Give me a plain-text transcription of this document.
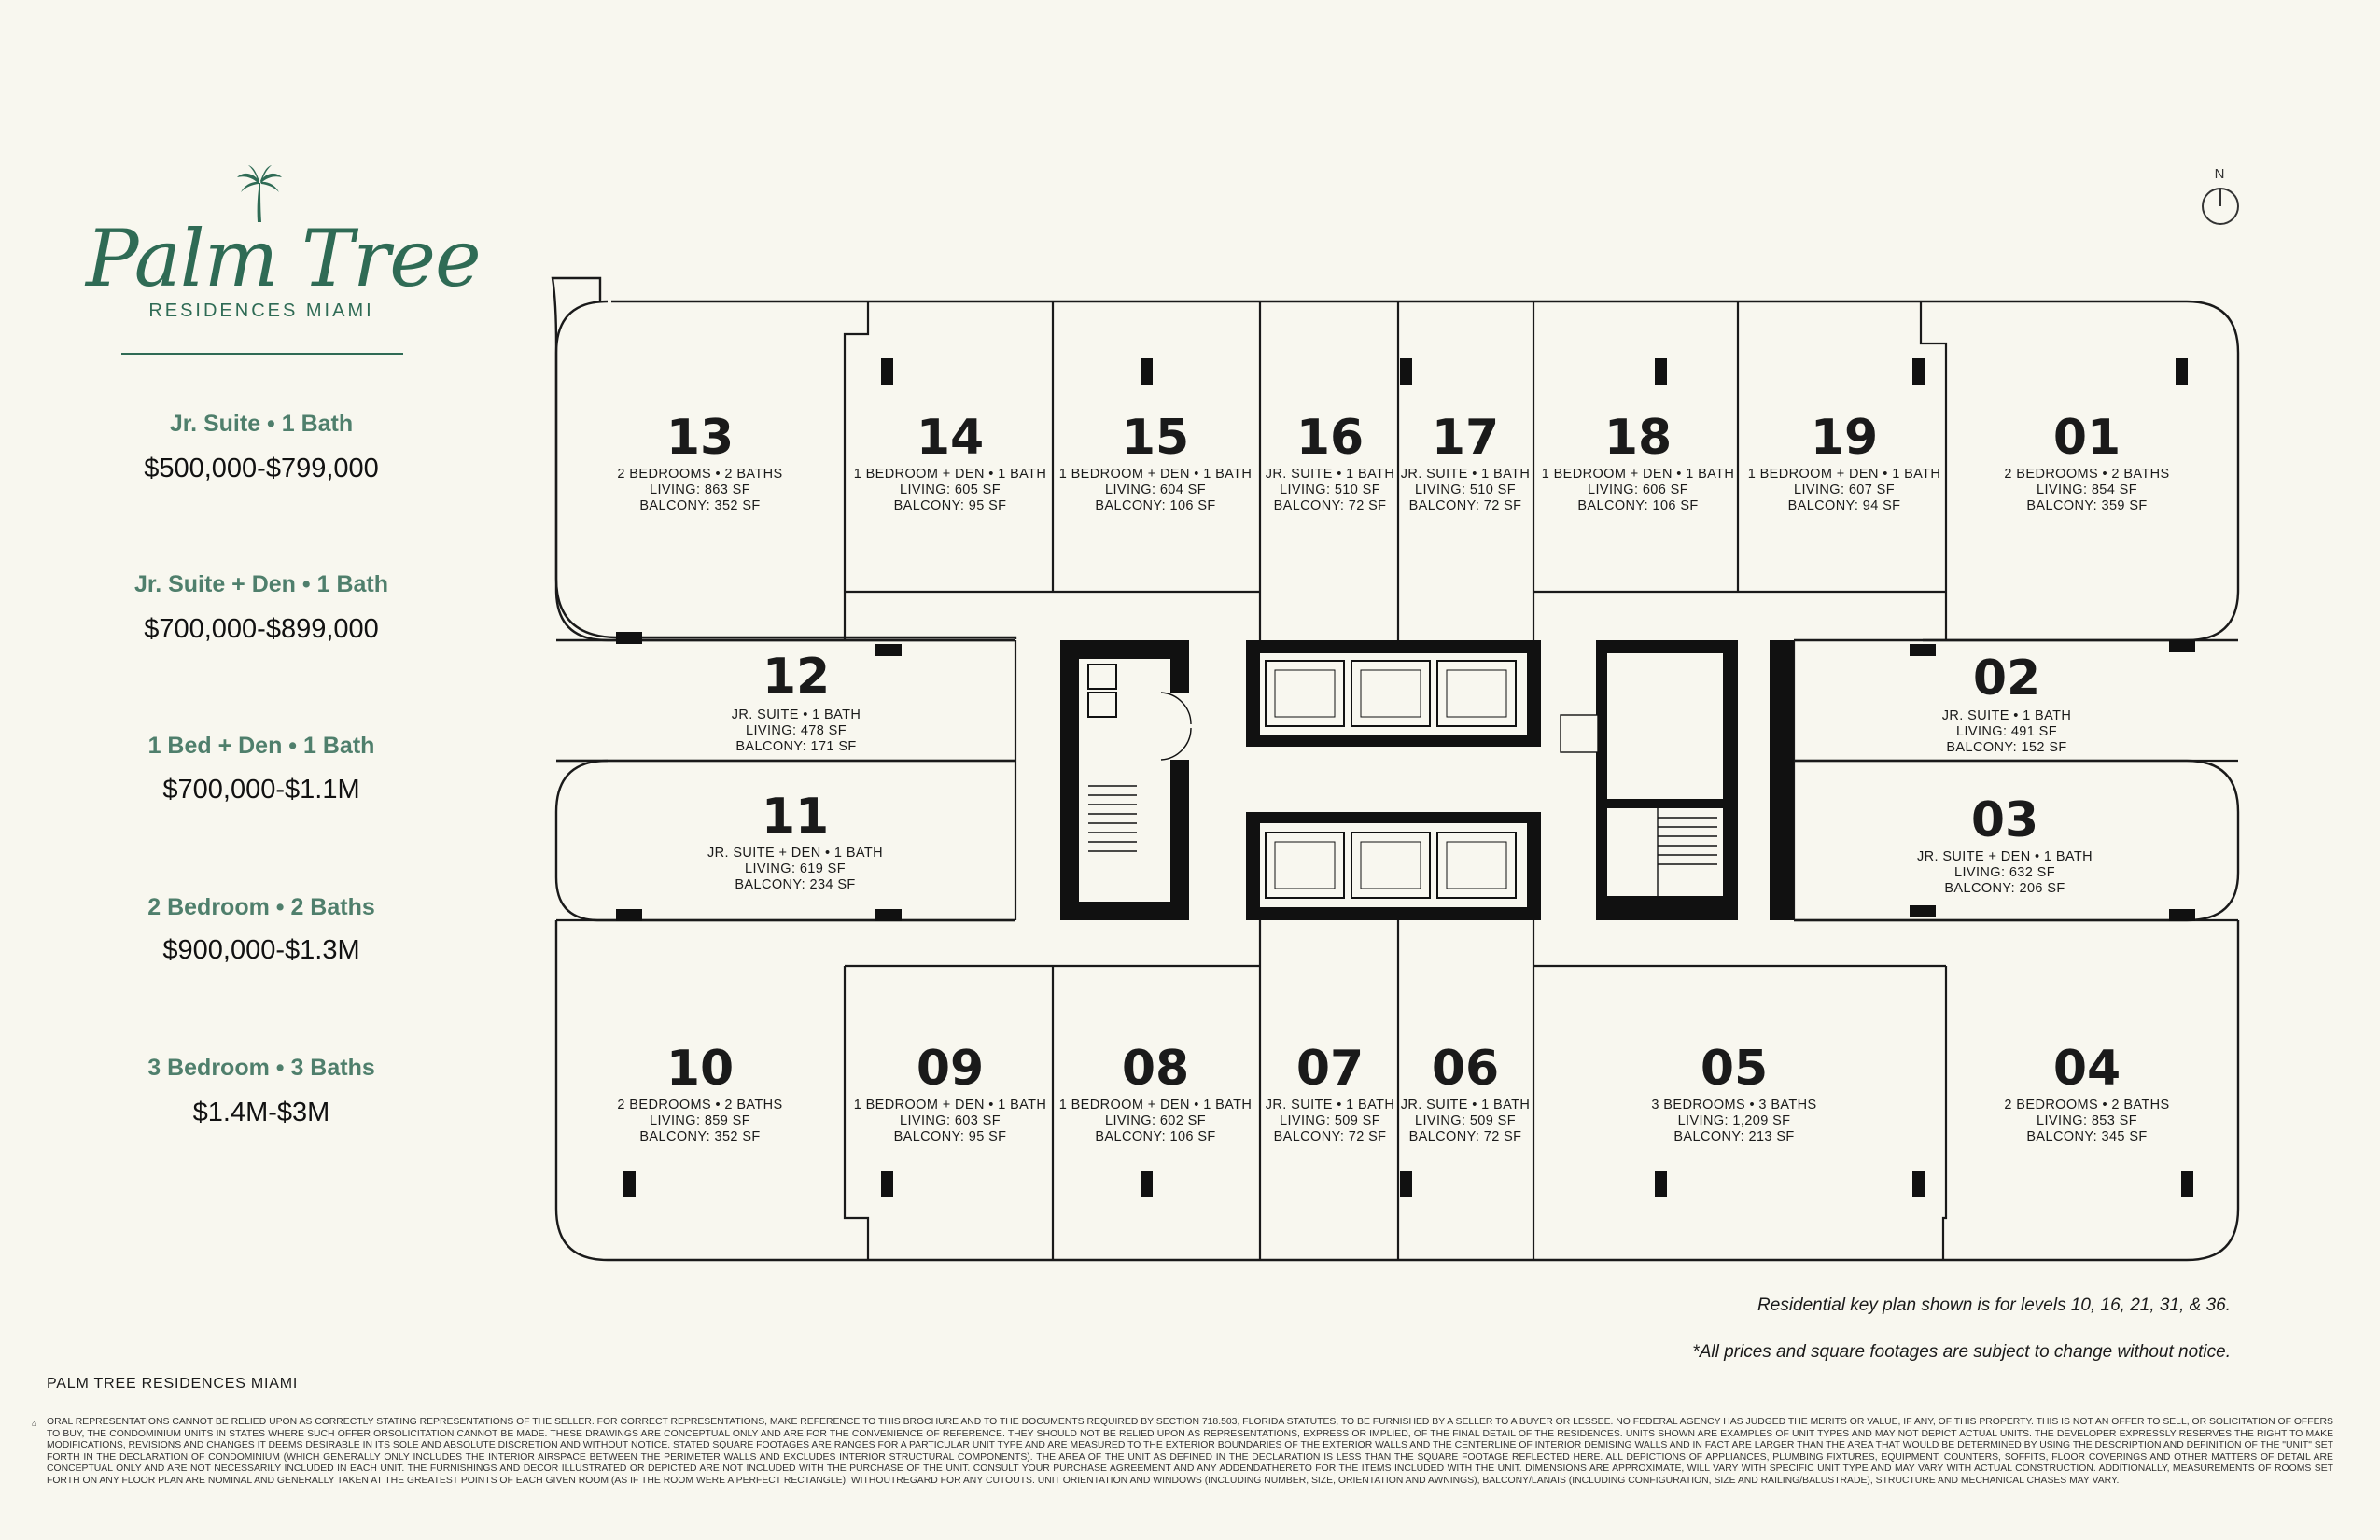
Palm Tree
RESIDENCES MIAMI
Jr. Suite • 1 Bath
$500,000-$799,000
Jr. Suite + Den • 1 Bath
$700,000-$899,000
1 Bed + Den • 1 Bath
$700,000-$1.1M
2 Bedroom • 2 Baths
$900,000-$1.3M
3 Bedroom • 3 Baths
$1.4M-$3M
N
13
2 BEDROOMS • 2 BATHS
LIVING: 863 SF
BALCONY: 352 SF
14
1 BEDROOM + DEN • 1 BATH
LIVING: 605 SF
BALCONY: 95 SF
15
1 BEDROOM + DEN • 1 BATH
LIVING: 604 SF
BALCONY: 106 SF
16
JR. SUITE • 1 BATH
LIVING: 510 SF
BALCONY: 72 SF
17
JR. SUITE • 1 BATH
LIVING: 510 SF
BALCONY: 72 SF
18
1 BEDROOM + DEN • 1 BATH
LIVING: 606 SF
BALCONY: 106 SF
19
1 BEDROOM + DEN • 1 BATH
LIVING: 607 SF
BALCONY: 94 SF
01
2 BEDROOMS • 2 BATHS
LIVING: 854 SF
BALCONY: 359 SF
12
JR. SUITE • 1 BATH
LIVING: 478 SF
BALCONY: 171 SF
02
JR. SUITE • 1 BATH
LIVING: 491 SF
BALCONY: 152 SF
11
JR. SUITE + DEN • 1 BATH
LIVING: 619 SF
BALCONY: 234 SF
03
JR. SUITE + DEN • 1 BATH
LIVING: 632 SF
BALCONY: 206 SF
10
2 BEDROOMS • 2 BATHS
LIVING: 859 SF
BALCONY: 352 SF
09
1 BEDROOM + DEN • 1 BATH
LIVING: 603 SF
BALCONY: 95 SF
08
1 BEDROOM + DEN • 1 BATH
LIVING: 602 SF
BALCONY: 106 SF
07
JR. SUITE • 1 BATH
LIVING: 509 SF
BALCONY: 72 SF
06
JR. SUITE • 1 BATH
LIVING: 509 SF
BALCONY: 72 SF
05
3 BEDROOMS • 3 BATHS
LIVING: 1,209 SF
BALCONY: 213 SF
04
2 BEDROOMS • 2 BATHS
LIVING: 853 SF
BALCONY: 345 SF
Residential key plan shown is for levels 10, 16, 21, 31, & 36.
*All prices and square footages are subject to change without notice.
PALM TREE RESIDENCES MIAMI
⌂ ORAL REPRESENTATIONS CANNOT BE RELIED UPON AS CORRECTLY STATING REPRESENTATIONS OF THE SELLER. FOR CORRECT REPRESENTATIONS, MAKE REFERENCE TO THIS BROCHURE AND TO THE DOCUMENTS REQUIRED BY SECTION 718.503, FLORIDA STATUTES, TO BE FURNISHED BY A SELLER TO A BUYER OR LESSEE. NO FEDERAL AGENCY HAS JUDGED THE MERITS OR VALUE, IF ANY, OF THIS PROPERTY. THIS IS NOT AN OFFER TO SELL, OR SOLICITATION OF OFFERS TO BUY, THE CONDOMINIUM UNITS IN STATES WHERE SUCH OFFER ORSOLICITATION CANNOT BE MADE. THESE DRAWINGS ARE CONCEPTUAL ONLY AND ARE FOR THE CONVENIENCE OF REFERENCE. THEY SHOULD NOT BE RELIED UPON AS REPRESENTATIONS, EXPRESS OR IMPLIED, OF THE FINAL DETAIL OF THE RESIDENCES. UNITS SHOWN ARE EXAMPLES OF UNIT TYPES AND MAY NOT DEPICT ACTUAL UNITS. THE DEVELOPER EXPRESSLY RESERVES THE RIGHT TO MAKE MODIFICATIONS, REVISIONS AND CHANGES IT DEEMS DESIRABLE IN ITS SOLE AND ABSOLUTE DISCRETION AND WITHOUT NOTICE. STATED SQUARE FOOTAGES ARE RANGES FOR A PARTICULAR UNIT TYPE AND ARE MEASURED TO THE EXTERIOR BOUNDARIES OF THE EXTERIOR WALLS AND THE CENTERLINE OF INTERIOR DEMISING WALLS AND IN FACT ARE LARGER THAN THE AREA THAT WOULD BE DETERMINED BY USING THE DESCRIPTION AND DEFINITION OF THE "UNIT" SET FORTH IN THE DECLARATION OF CONDOMINIUM (WHICH GENERALLY ONLY INCLUDES THE INTERIOR AIRSPACE BETWEEN THE PERIMETER WALLS AND EXCLUDES INTERIOR STRUCTURAL COMPONENTS). THE AREA OF THE UNIT AS DEFINED IN THE DECLARATION IS LESS THAN THE SQUARE FOOTAGE REFLECTED HERE. ALL DEPICTIONS OF APPLIANCES, PLUMBING FIXTURES, EQUIPMENT, COUNTERS, SOFFITS, FLOOR COVERINGS AND OTHER MATTERS OF DETAIL ARE CONCEPTUAL ONLY AND ARE NOT NECESSARILY INCLUDED IN EACH UNIT. THE FURNISHINGS AND DECOR ILLUSTRATED OR DEPICTED ARE NOT INCLUDED WITH THE PURCHASE OF THE UNIT. CONSULT YOUR PURCHASE AGREEMENT AND ANY ADDENDATHERETO FOR THE ITEMS INCLUDED WITH THE UNIT. DIMENSIONS ARE APPROXIMATE, WILL VARY WITH SPECIFIC UNIT TYPE AND MAY VARY WITH ACTUAL CONSTRUCTION. ADDITIONALLY, MEASUREMENTS OF ROOMS SET FORTH ON ANY FLOOR PLAN ARE NOMINAL AND GENERALLY TAKEN AT THE GREATEST POINTS OF EACH GIVEN ROOM (AS IF THE ROOM WERE A PERFECT RECTANGLE), WITHOUTREGARD FOR ANY CUTOUTS. UNIT ORIENTATION AND WINDOWS (INCLUDING NUMBER, SIZE, ORIENTATION AND AWNINGS), BALCONY/LANAIS (INCLUDING CONFIGURATION, SIZE AND RAILING/BALUSTRADE), STRUCTURE AND MECHANICAL CHASES MAY VARY.
